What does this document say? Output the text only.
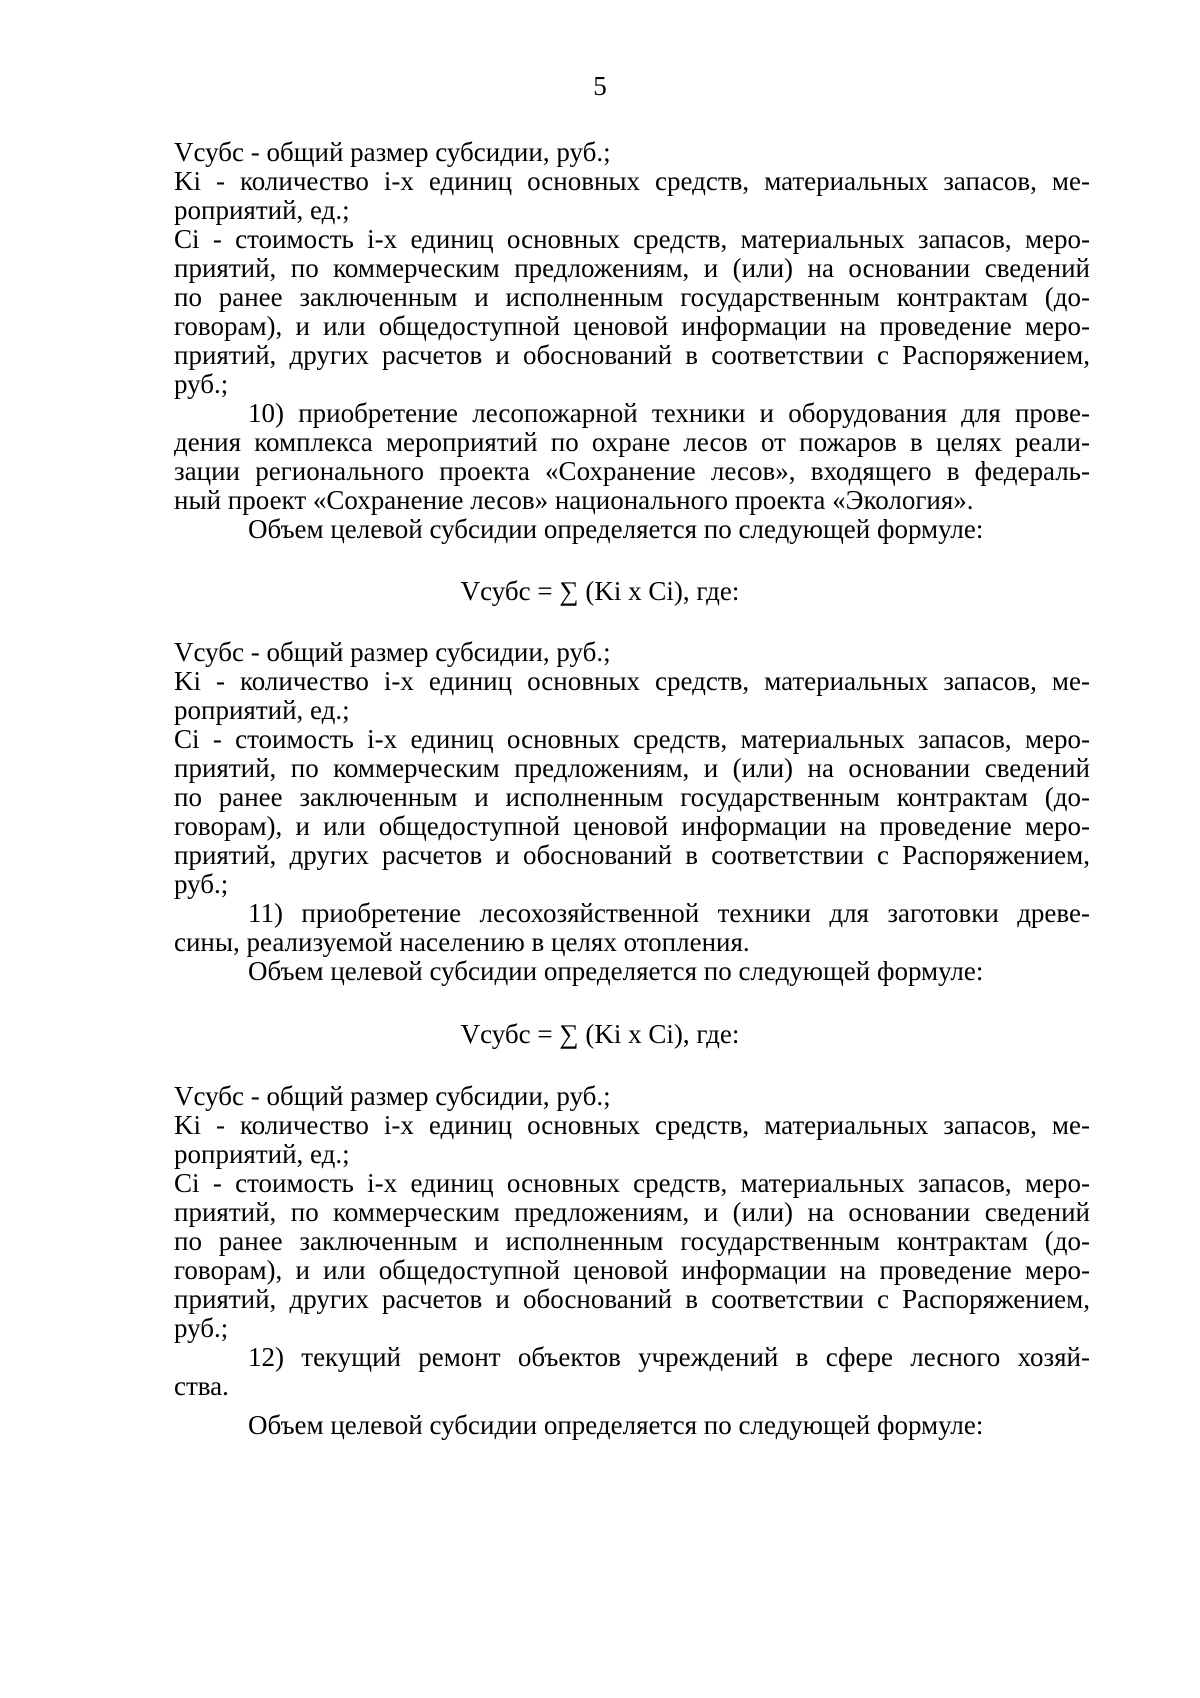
5
Vсубс - общий размер субсидии, руб.;
Ki - количество i-х единиц основных средств, материальных запасов, ме-
роприятий, ед.;
Ci - стоимость i-х единиц основных средств, материальных запасов, меро-
приятий, по коммерческим предложениям, и (или) на основании сведений
по ранее заключенным и исполненным государственным контрактам (до-
говорам), и или общедоступной ценовой информации на проведение меро-
приятий, других расчетов и обоснований в соответствии с Распоряжением,
руб.;
10) приобретение лесопожарной техники и оборудования для прове-
дения комплекса мероприятий по охране лесов от пожаров в целях реали-
зации регионального проекта «Сохранение лесов», входящего в федераль-
ный проект «Сохранение лесов» национального проекта «Экология».
Объем целевой субсидии определяется по следующей формуле:
Vсубс = ∑ (Ki x Ci), где:
Vсубс - общий размер субсидии, руб.;
Ki - количество i-х единиц основных средств, материальных запасов, ме-
роприятий, ед.;
Ci - стоимость i-х единиц основных средств, материальных запасов, меро-
приятий, по коммерческим предложениям, и (или) на основании сведений
по ранее заключенным и исполненным государственным контрактам (до-
говорам), и или общедоступной ценовой информации на проведение меро-
приятий, других расчетов и обоснований в соответствии с Распоряжением,
руб.;
11) приобретение лесохозяйственной техники для заготовки древе-
сины, реализуемой населению в целях отопления.
Объем целевой субсидии определяется по следующей формуле:
Vсубс = ∑ (Ki x Ci), где:
Vсубс - общий размер субсидии, руб.;
Ki - количество i-х единиц основных средств, материальных запасов, ме-
роприятий, ед.;
Ci - стоимость i-х единиц основных средств, материальных запасов, меро-
приятий, по коммерческим предложениям, и (или) на основании сведений
по ранее заключенным и исполненным государственным контрактам (до-
говорам), и или общедоступной ценовой информации на проведение меро-
приятий, других расчетов и обоснований в соответствии с Распоряжением,
руб.;
12) текущий ремонт объектов учреждений в сфере лесного хозяй-
ства.
Объем целевой субсидии определяется по следующей формуле:
